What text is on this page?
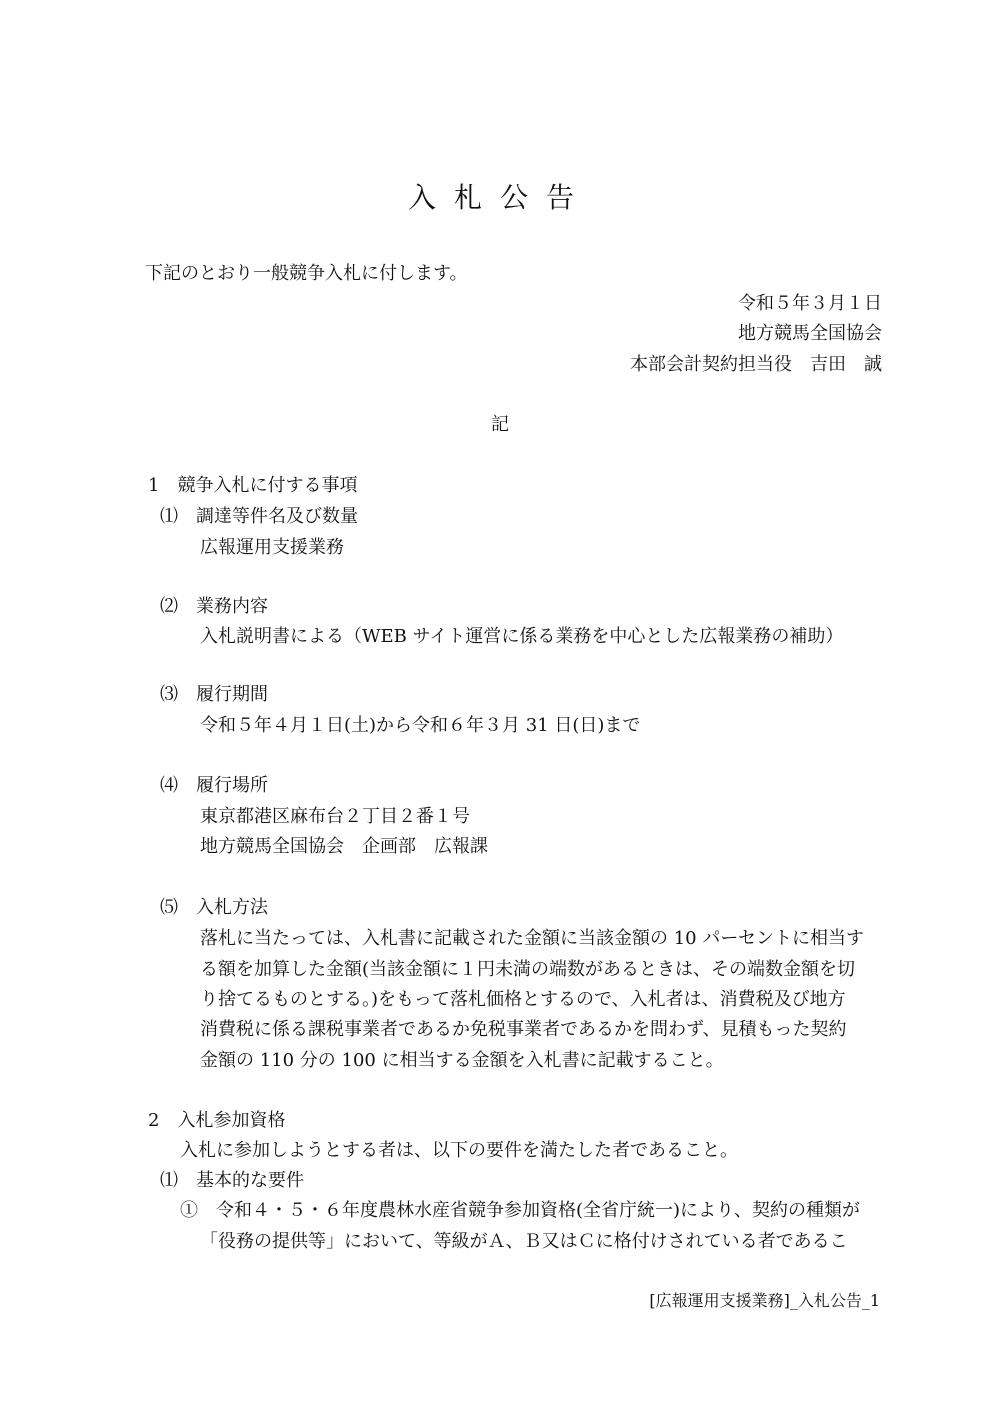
入札公告
下記のとおり一般競争入札に付します。
令和５年３月１日
地方競馬全国協会
本部会計契約担当役　吉田　誠
記
1　競争入札に付する事項
⑴　調達等件名及び数量
広報運用支援業務
⑵　業務内容
入札説明書による（WEB サイト運営に係る業務を中心とした広報業務の補助）
⑶　履行期間
令和５年４月１日(土)から令和６年３月 31 日(日)まで
⑷　履行場所
東京都港区麻布台２丁目２番１号
地方競馬全国協会　企画部　広報課
⑸　入札方法
落札に当たっては、入札書に記載された金額に当該金額の 10 パーセントに相当す
る額を加算した金額(当該金額に１円未満の端数があるときは、その端数金額を切
り捨てるものとする。)をもって落札価格とするので、入札者は、消費税及び地方
消費税に係る課税事業者であるか免税事業者であるかを問わず、見積もった契約
金額の 110 分の 100 に相当する金額を入札書に記載すること。
2　入札参加資格
入札に参加しようとする者は、以下の要件を満たした者であること。
⑴　基本的な要件
①　令和４・５・６年度農林水産省競争参加資格(全省庁統一)により、契約の種類が
「役務の提供等」において、等級がＡ、Ｂ又はＣに格付けされている者であるこ
[広報運用支援業務]_入札公告_1
